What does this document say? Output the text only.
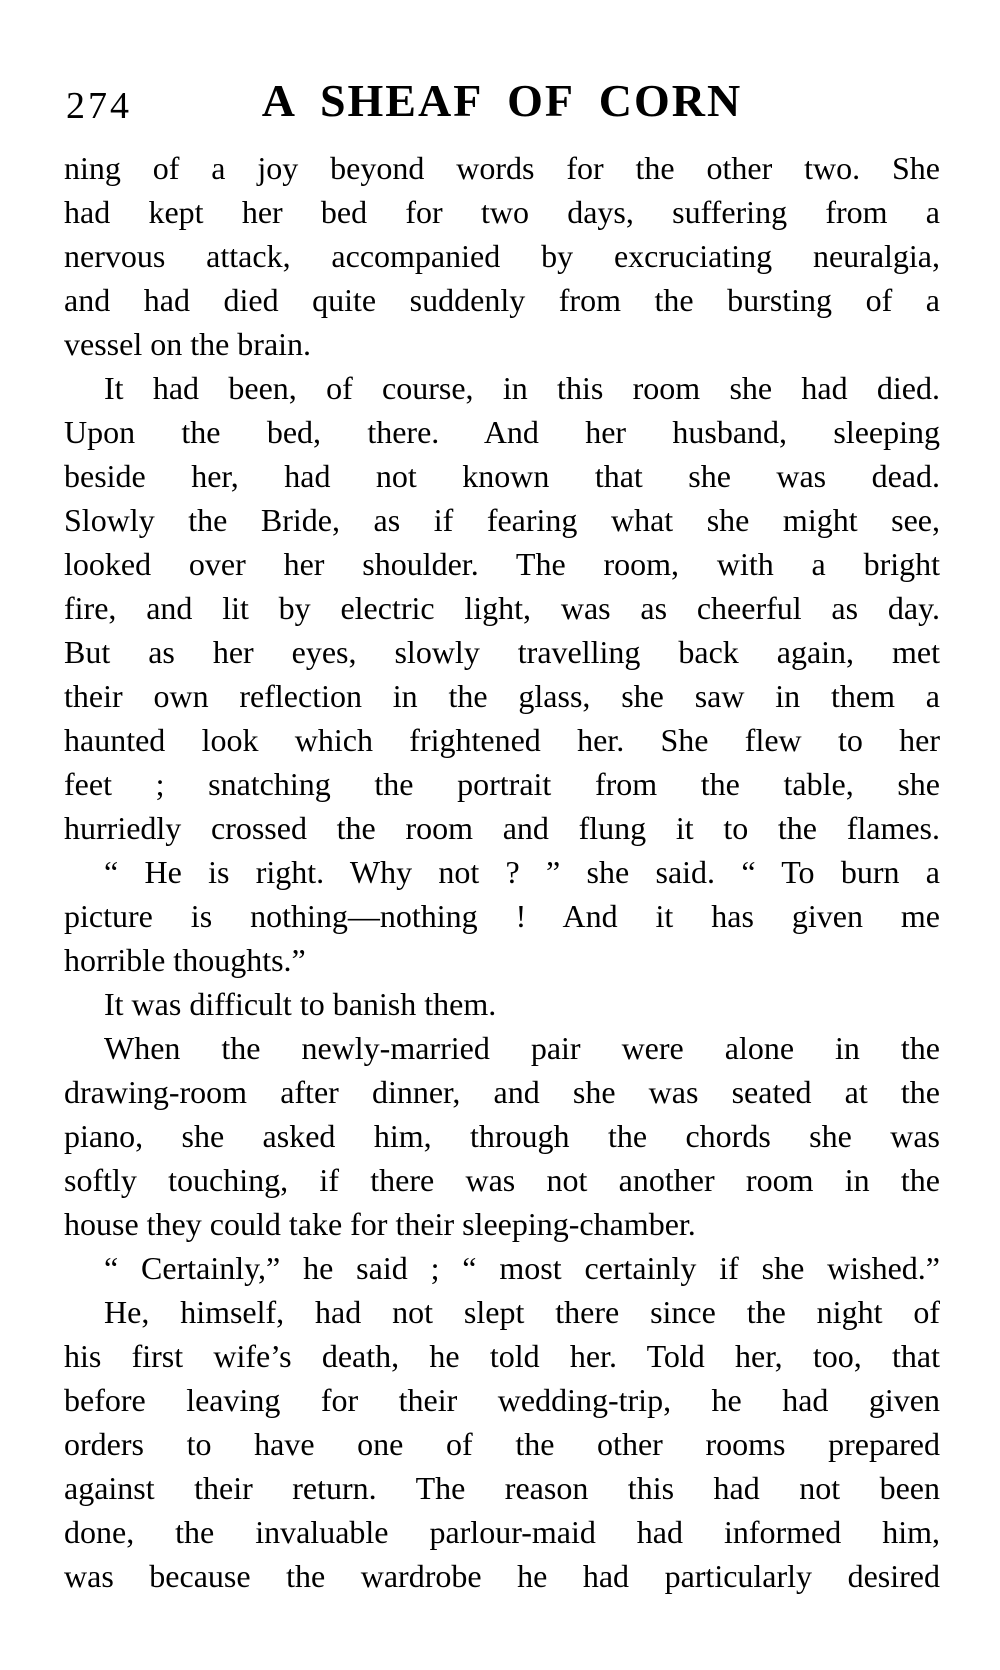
274	A SHEAF OF CORN
ning of a joy beyond words for the other two. She
had kept her bed for two days, suffering from a
nervous attack, accompanied by excruciating neuralgia,
and had died quite suddenly from the bursting of a
vessel on the brain.
It had been, of course, in this room she had died.
Upon the bed, there. And her husband, sleeping
beside her, had not known that she was dead.
Slowly the Bride, as if fearing what she might see,
looked over her shoulder. The room, with a bright
fire, and lit by electric light, was as cheerful as day.
But as her eyes, slowly travelling back again, met
their own reflection in the glass, she saw in them a
haunted look which frightened her. She flew to her
feet ; snatching the portrait from the table, she
hurriedly crossed the room and flung it to the flames.
“ He is right. Why not ? ” she said. “ To burn a
picture is nothing—nothing ! And it has given me
horrible thoughts.”
It was difficult to banish them.
When the newly-married pair were alone in the
drawing-room after dinner, and she was seated at the
piano, she asked him, through the chords she was
softly touching, if there was not another room in the
house they could take for their sleeping-chamber.
“ Certainly,” he said ; “ most certainly if she wished.”
He, himself, had not slept there since the night of
his first wife’s death, he told her. Told her, too, that
before leaving for their wedding-trip, he had given
orders to have one of the other rooms prepared
against their return. The reason this had not been
done, the invaluable parlour-maid had informed him,
was because the wardrobe he had particularly desired
